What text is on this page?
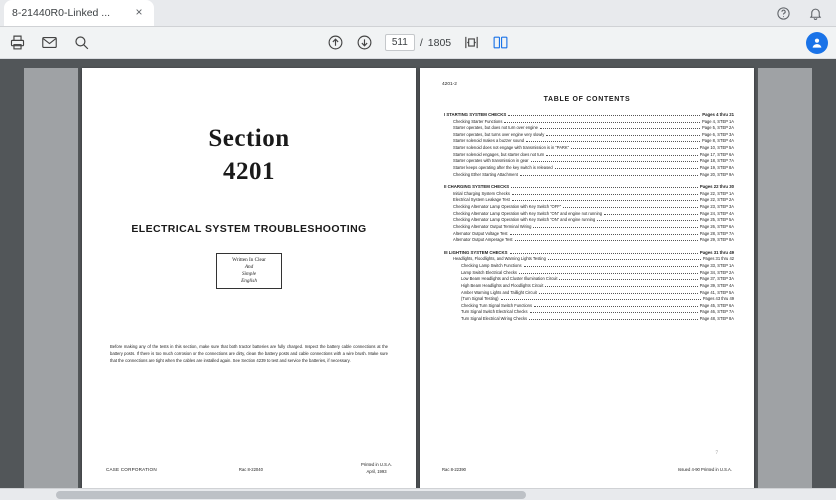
8-21440R0-Linked ...	×
511
/ 1805
Section
4201
ELECTRICAL SYSTEM TROUBLESHOOTING
Written In Clear
And
Simple
English
Before making any of the tests in this section, make sure that both tractor batteries are fully charged. Inspect the battery cable connections at the battery posts. If there is too much corrosion or the connections are dirty, clean the battery posts and cable connections with a wire brush. Make sure that the connections are tight when the cables are installed again. See Section 4239 to test and service the batteries, if necessary.
CASE CORPORATION	Rac 8-22040
Printed in U.S.A.
April, 1993
4201-2
TABLE OF CONTENTS
I STARTING SYSTEM CHECKS	Pages 4 thru 21
Checking Starter Functions	Page 4, STEP 1A
Starter operates, but does not turn over engine	Page 5, STEP 2A
Starter operates, but turns over engine very slowly	Page 6, STEP 3A
Starter solenoid makes a buzzer sound	Page 8, STEP 4A
Starter solenoid does not engage with transmission is in “PARK”	Page 10, STEP 5A
Starter solenoid engages, but starter does not turn	Page 17, STEP 6A
Starter operates with transmission in gear	Page 18, STEP 7A
Starter keeps operating after the key switch is released	Page 19, STEP 8A
Checking Ether Starting Attachment	Page 20, STEP 9A
II CHARGING SYSTEM CHECKS	Pages 22 thru 30
Initial Charging System Checks	Page 22, STEP 1A
Electrical System Leakage Test	Page 22, STEP 2A
Checking Alternator Lamp Operation with Key Switch “OFF”	Page 23, STEP 3A
Checking Alternator Lamp Operation with Key Switch “ON” and engine not running	Page 24, STEP 4A
Checking Alternator Lamp Operation with Key Switch “ON” and engine running	Page 25, STEP 5A
Checking Alternator Output Terminal Wiring	Page 26, STEP 6A
Alternator Output Voltage Test	Page 28, STEP 7A
Alternator Output Amperage Test	Page 29, STEP 8A
III LIGHTING SYSTEM CHECKS	Pages 31 thru 49
Headlights, Floodlights, and Warning Lights Testing	Pages 31 thru 42
Checking Lamp Switch Functions	Page 33, STEP 1A
Lamp Switch Electrical Checks	Page 34, STEP 2A
Low Beam Headlights and Cluster Illumination Circuit	Page 37, STEP 3A
High Beam Headlights and Floodlights Circuit	Page 39, STEP 4A
Amber Warning Lights and Taillight Circuit	Page 41, STEP 5A
(Turn Signal Testing)	Pages 43 thru 49
Checking Turn Signal Switch Functions	Page 45, STEP 6A
Turn Signal Switch Electrical Checks	Page 46, STEP 7A
Turn Signal Electrical Wiring Checks	Page 48, STEP 8A
7
Rac 8-22390	Issued 4-90 Printed in U.S.A.
